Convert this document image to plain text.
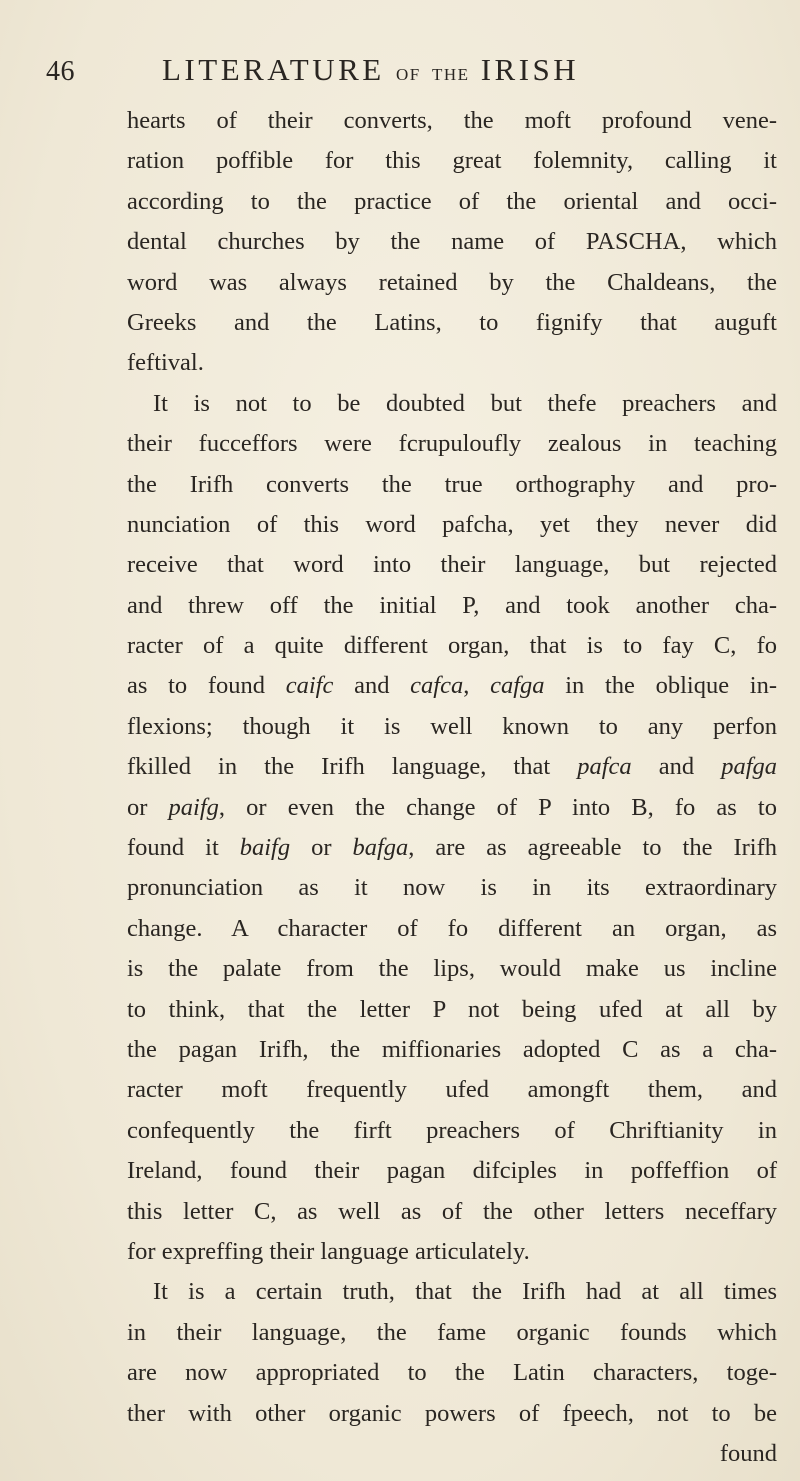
46	LITERATURE OF THE IRISH
hearts of their converts, the moft profound vene-
ration poffible for this great folemnity, calling it
according to the practice of the oriental and occi-
dental churches by the name of PASCHA, which
word was always retained by the Chaldeans, the
Greeks and the Latins, to fignify that auguft
feftival.
It is not to be doubted but thefe preachers and
their fucceffors were fcrupuloufly zealous in teaching
the Irifh converts the true orthography and pro-
nunciation of this word pafcha, yet they never did
receive that word into their language, but rejected
and threw off the initial P, and took another cha-
racter of a quite different organ, that is to fay C, fo
as to found caifc and cafca, cafga in the oblique in-
flexions; though it is well known to any perfon
fkilled in the Irifh language, that pafca and pafga
or paifg, or even the change of P into B, fo as to
found it baifg or bafga, are as agreeable to the Irifh
pronunciation as it now is in its extraordinary
change. A character of fo different an organ, as
is the palate from the lips, would make us incline
to think, that the letter P not being ufed at all by
the pagan Irifh, the miffionaries adopted C as a cha-
racter moft frequently ufed amongft them, and
confequently the firft preachers of Chriftianity in
Ireland, found their pagan difciples in poffeffion of
this letter C, as well as of the other letters neceffary
for expreffing their language articulately.
It is a certain truth, that the Irifh had at all times
in their language, the fame organic founds which
are now appropriated to the Latin characters, toge-
ther with other organic powers of fpeech, not to be
found
